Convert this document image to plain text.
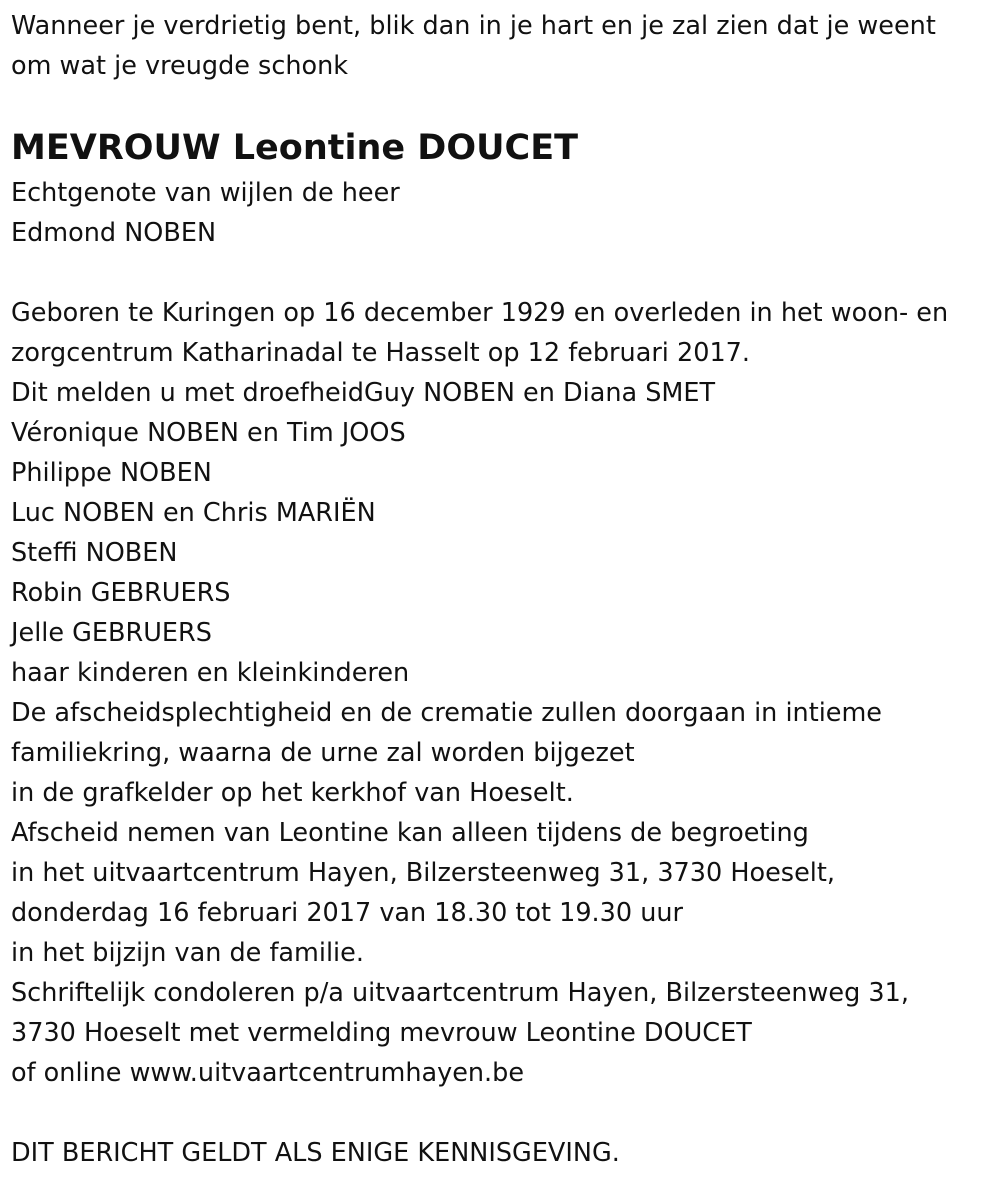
Wanneer je verdrietig bent, blik dan in je hart en je zal zien dat je weent
om wat je vreugde schonk
MEVROUW Leontine DOUCET
Echtgenote van wijlen de heer
Edmond NOBEN
Geboren te Kuringen op 16 december 1929 en overleden in het woon- en
zorgcentrum Katharinadal te Hasselt op 12 februari 2017.
Dit melden u met droefheidGuy NOBEN en Diana SMET
Véronique NOBEN en Tim JOOS
Philippe NOBEN
Luc NOBEN en Chris MARIËN
Steffi NOBEN
Robin GEBRUERS
Jelle GEBRUERS
haar kinderen en kleinkinderen
De afscheidsplechtigheid en de crematie zullen doorgaan in intieme
familiekring, waarna de urne zal worden bijgezet
in de grafkelder op het kerkhof van Hoeselt.
Afscheid nemen van Leontine kan alleen tijdens de begroeting
in het uitvaartcentrum Hayen, Bilzersteenweg 31, 3730 Hoeselt,
donderdag 16 februari 2017 van 18.30 tot 19.30 uur
in het bijzijn van de familie.
Schriftelijk condoleren p/a uitvaartcentrum Hayen, Bilzersteenweg 31,
3730 Hoeselt met vermelding mevrouw Leontine DOUCET
of online www.uitvaartcentrumhayen.be
DIT BERICHT GELDT ALS ENIGE KENNISGEVING.
